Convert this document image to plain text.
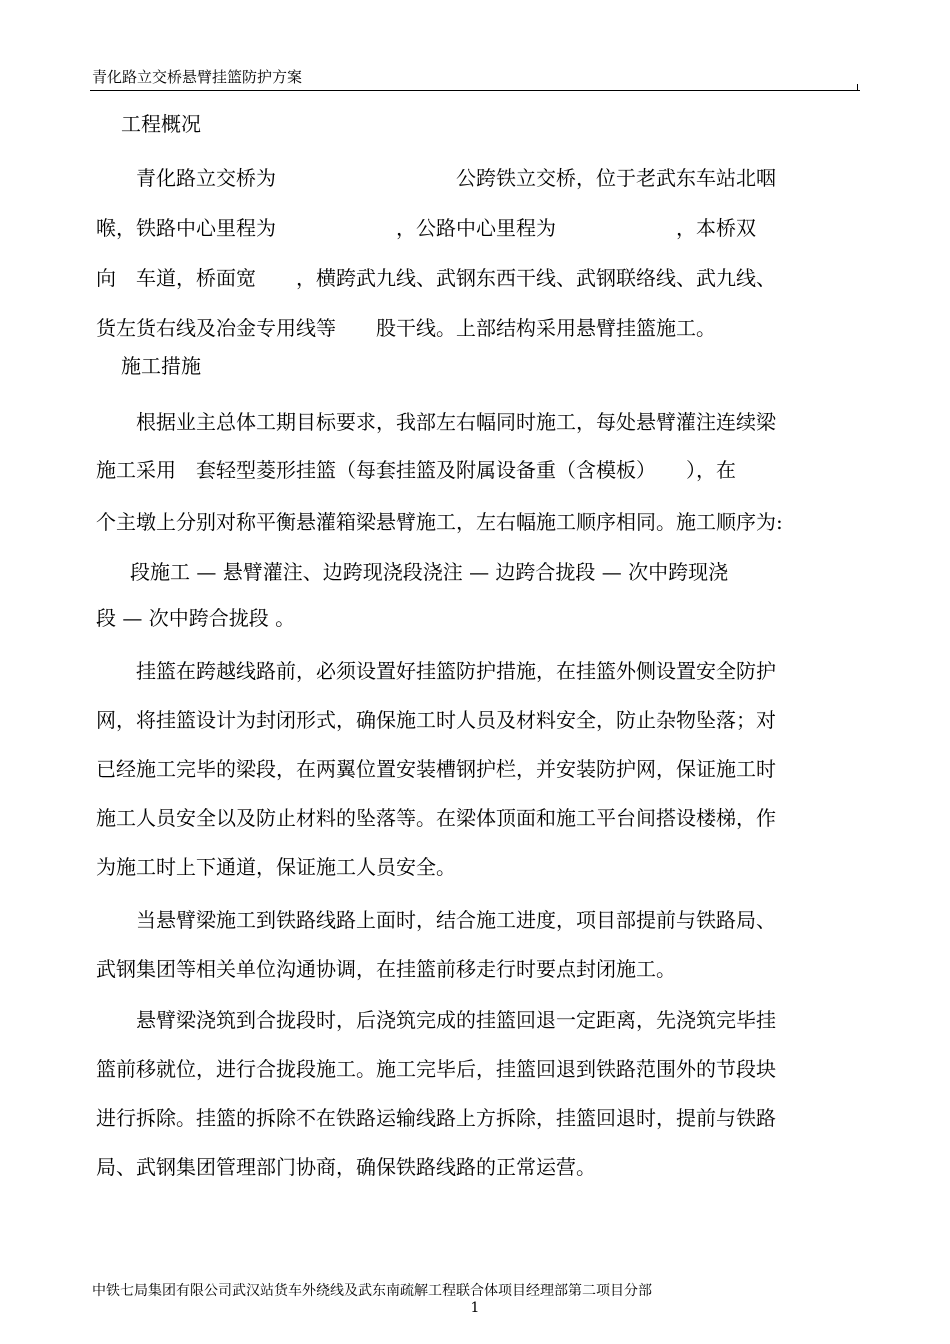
青化路立交桥悬臂挂篮防护方案
工程概况
青化路立交桥为　　　　　　　　　公跨铁立交桥，位于老武东车站北咽
喉，铁路中心里程为　　　　　　，公路中心里程为　　　　　　，本桥双
向　车道，桥面宽　　，横跨武九线、武钢东西干线、武钢联络线、武九线、
货左货右线及冶金专用线等　　股干线。上部结构采用悬臂挂篮施工。
施工措施
根据业主总体工期目标要求，我部左右幅同时施工，每处悬臂灌注连续梁
施工采用　套轻型菱形挂篮（每套挂篮及附属设备重（含模板）　　），在
个主墩上分别对称平衡悬灌箱梁悬臂施工，左右幅施工顺序相同。施工顺序为:
段施工 — 悬臂灌注、边跨现浇段浇注 — 边跨合拢段 — 次中跨现浇
段 — 次中跨合拢段 。
挂篮在跨越线路前，必须设置好挂篮防护措施，在挂篮外侧设置安全防护
网，将挂篮设计为封闭形式，确保施工时人员及材料安全，防止杂物坠落；对
已经施工完毕的梁段，在两翼位置安装槽钢护栏，并安装防护网，保证施工时
施工人员安全以及防止材料的坠落等。在梁体顶面和施工平台间搭设楼梯，作
为施工时上下通道，保证施工人员安全。
当悬臂梁施工到铁路线路上面时，结合施工进度，项目部提前与铁路局、
武钢集团等相关单位沟通协调，在挂篮前移走行时要点封闭施工。
悬臂梁浇筑到合拢段时，后浇筑完成的挂篮回退一定距离，先浇筑完毕挂
篮前移就位，进行合拢段施工。施工完毕后，挂篮回退到铁路范围外的节段块
进行拆除。挂篮的拆除不在铁路运输线路上方拆除，挂篮回退时，提前与铁路
局、武钢集团管理部门协商，确保铁路线路的正常运营。
中铁七局集团有限公司武汉站货车外绕线及武东南疏解工程联合体项目经理部第二项目分部
1
